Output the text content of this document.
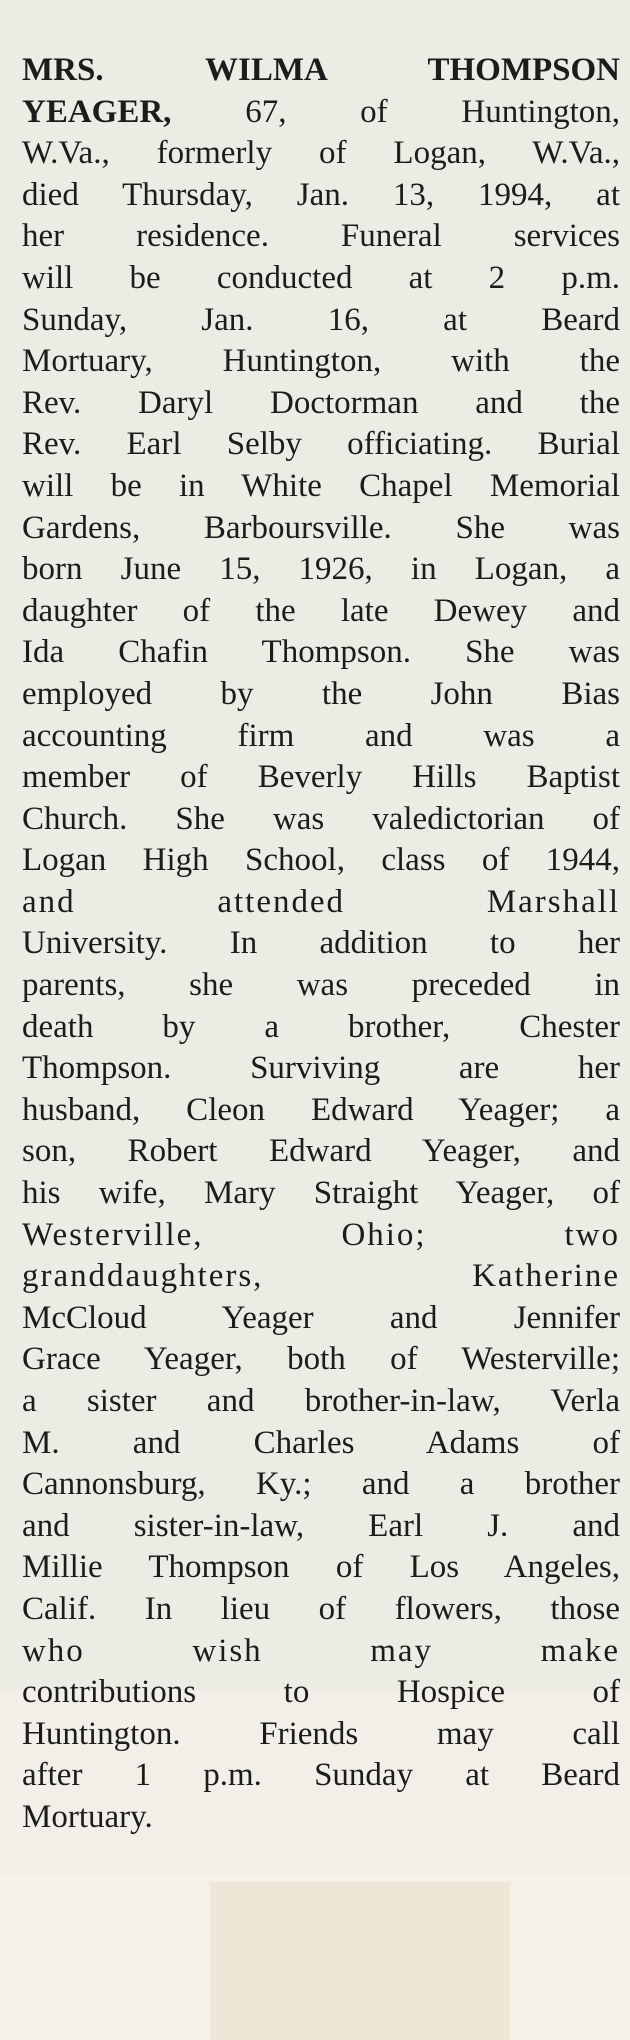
MRS. WILMA THOMPSON
YEAGER, 67, of Huntington,
W.Va., formerly of Logan, W.Va.,
died Thursday, Jan. 13, 1994, at
her residence. Funeral services
will be conducted at 2 p.m.
Sunday, Jan. 16, at Beard
Mortuary, Huntington, with the
Rev. Daryl Doctorman and the
Rev. Earl Selby officiating. Burial
will be in White Chapel Memorial
Gardens, Barboursville. She was
born June 15, 1926, in Logan, a
daughter of the late Dewey and
Ida Chafin Thompson. She was
employed by the John Bias
accounting firm and was a
member of Beverly Hills Baptist
Church. She was valedictorian of
Logan High School, class of 1944,
and attended Marshall
University. In addition to her
parents, she was preceded in
death by a brother, Chester
Thompson. Surviving are her
husband, Cleon Edward Yeager; a
son, Robert Edward Yeager, and
his wife, Mary Straight Yeager, of
Westerville, Ohio; two
granddaughters, Katherine
McCloud Yeager and Jennifer
Grace Yeager, both of Westerville;
a sister and brother-in-law, Verla
M. and Charles Adams of
Cannonsburg, Ky.; and a brother
and sister-in-law, Earl J. and
Millie Thompson of Los Angeles,
Calif. In lieu of flowers, those
who wish may make
contributions to Hospice of
Huntington. Friends may call
after 1 p.m. Sunday at Beard
Mortuary.
